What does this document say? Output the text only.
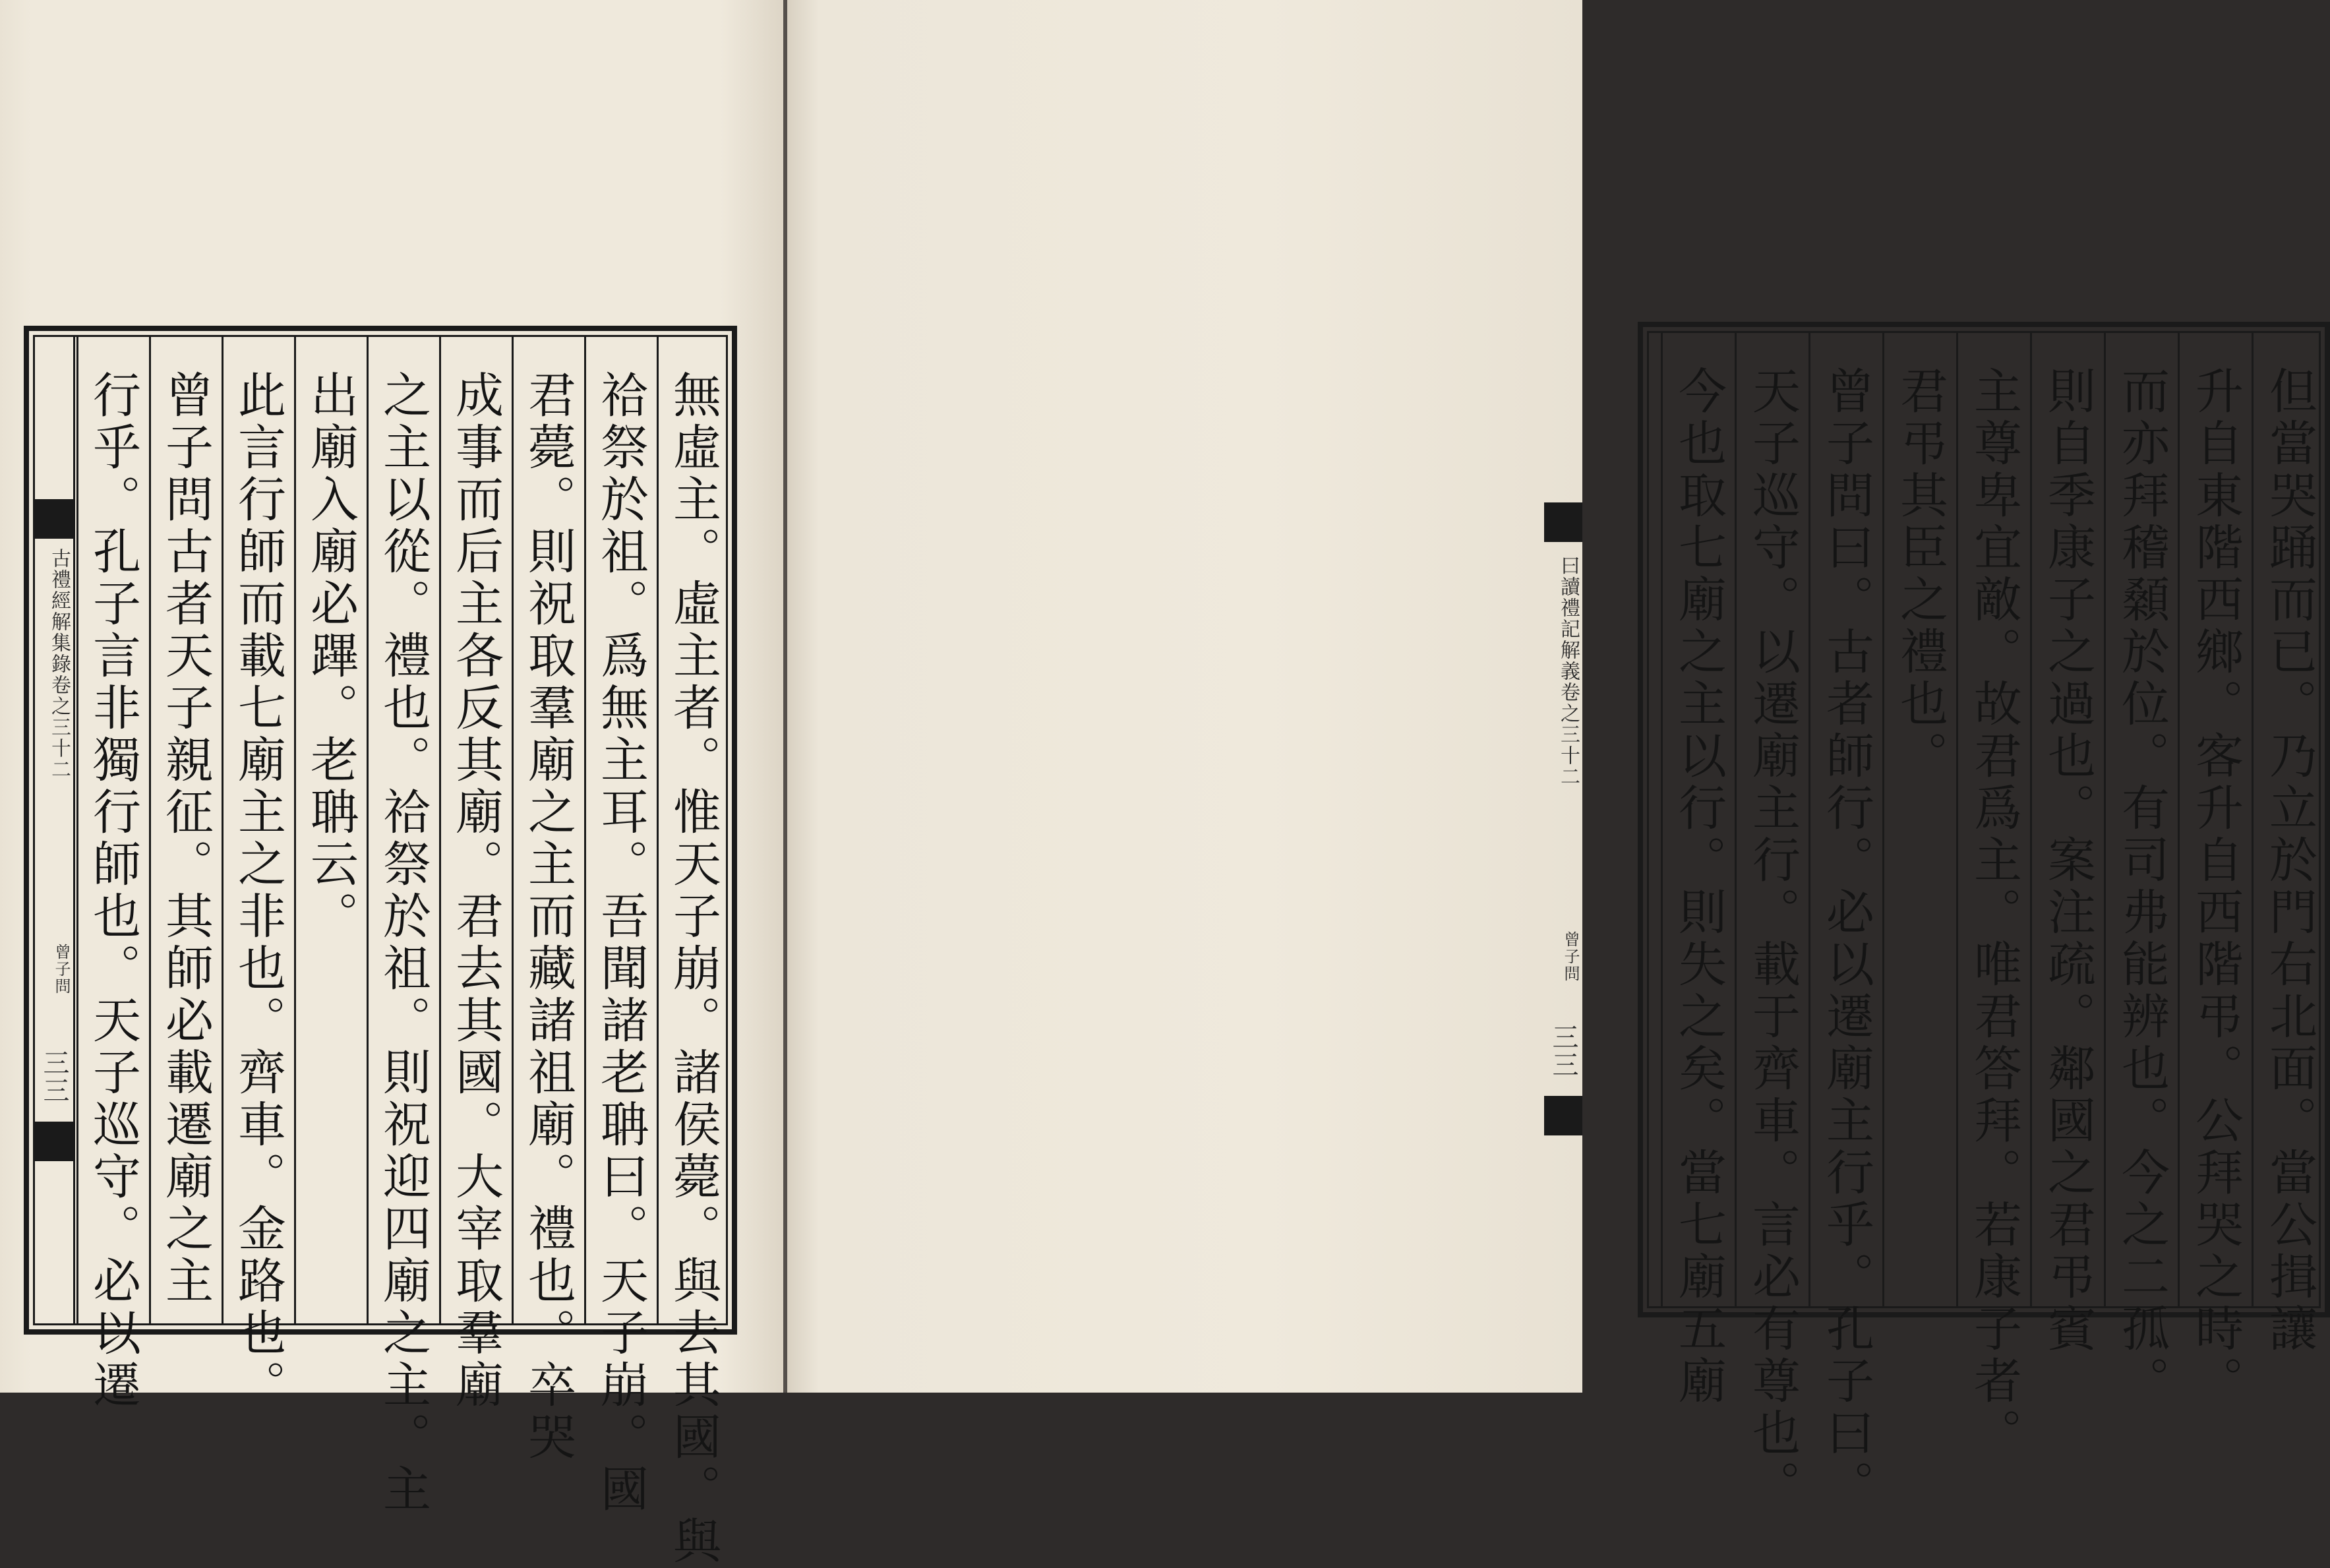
古禮經解集錄卷之三十二
曾子問
三三	無虛主。虛主者。惟天子崩。諸侯薨。與去其國。與
祫祭於祖。爲無主耳。吾聞諸老聃曰。天子崩。國
君薨。則祝取羣廟之主而藏諸祖廟。禮也。卒哭
成事而后主各反其廟。君去其國。大宰取羣廟
之主以從。禮也。祫祭於祖。則祝迎四廟之主。主
出廟入廟必蹕。老聃云。
此言行師而載七廟主之非也。齊車。金路也。
曾子問古者天子親征。其師必載遷廟之主
行乎。孔子言非獨行師也。天子巡守。必以遷	但當哭踊而已。乃立於門右北面。當公揖讓
升自東階西鄉。客升自西階弔。公拜哭之時。
而亦拜稽顙於位。有司弗能辨也。今之二孤。
則自季康子之過也。案注疏。鄰國之君弔賓
主尊卑宜敵。故君爲主。唯君答拜。若康子者。
君弔其臣之禮也。
曾子問曰。古者師行。必以遷廟主行乎。孔子曰。
天子巡守。以遷廟主行。載于齊車。言必有尊也。
今也取七廟之主以行。則失之矣。當七廟五廟
曰讀禮記解義卷之三十二
曾子問
三三
